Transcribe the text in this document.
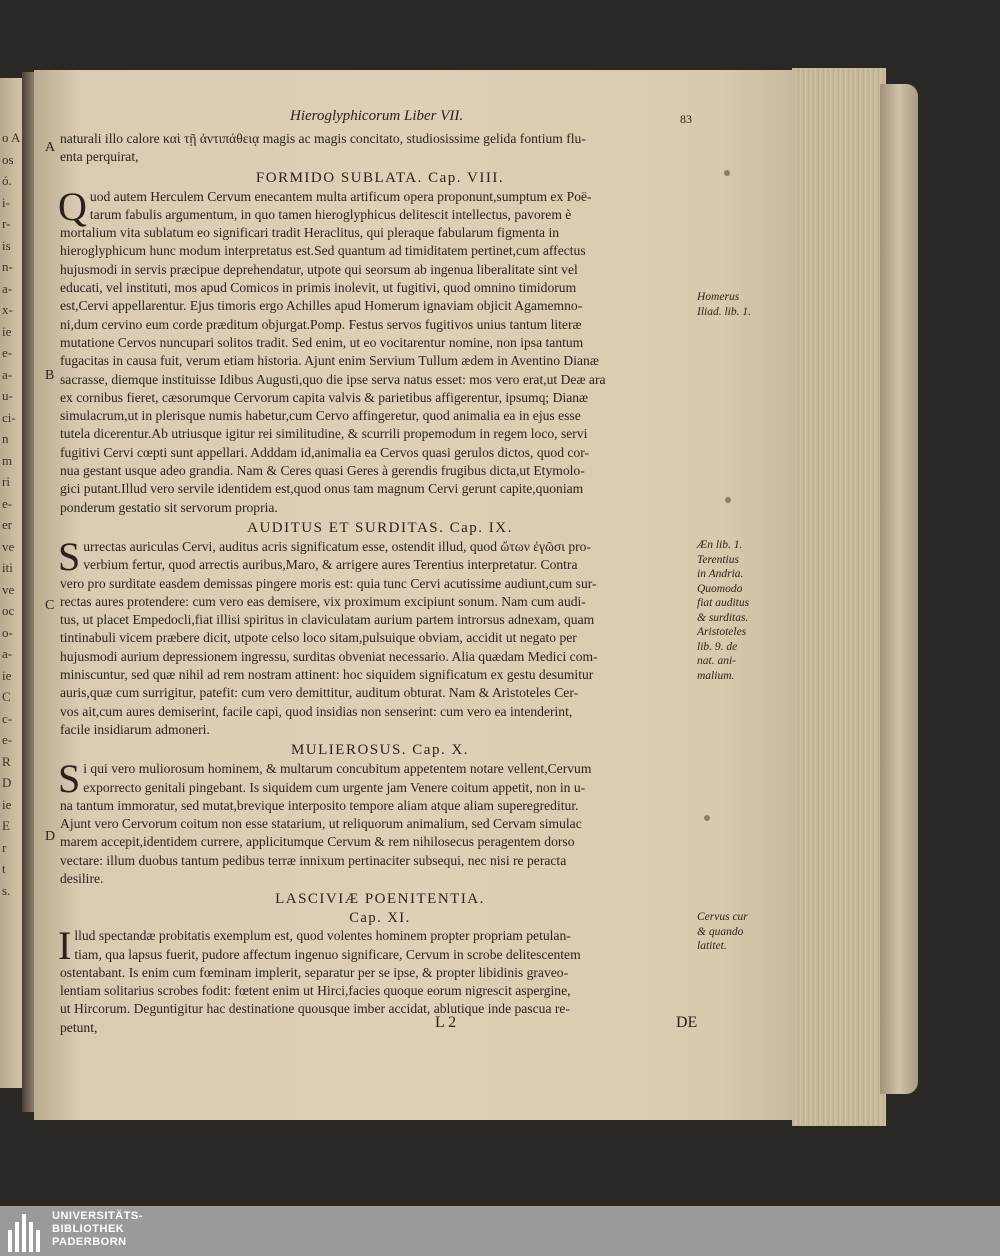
o A
os
ó.
i-
r-
is
n-
a-
x-
ie
e-
a-
u-
ci-
n
m
ri
e-
er
ve
iti
ve
oc
o-
a-
ie
C
c-
e-
R
D
ie
E
r
t
s.
Hieroglyphicorum Liber VII.	83
A
B
C
D
Homerus
Iliad. lib. 1.
Æn lib. 1.
Terentius
in Andria.
Quomodo
fiat auditus
& surditas.
Aristoteles
lib. 9. de
nat. ani-
malium.
Cervus cur
& quando
latitet.
naturali illo calore καὶ τῇ ἀντιπάθειᾳ magis ac magis concitato, studiosissime gelida fontium flu-
enta perquirat,
FORMIDO SUBLATA. Cap. VIII.
Q uod autem Herculem Cervum enecantem multa artificum opera proponunt,sumptum ex Poë-
tarum fabulis argumentum, in quo tamen hieroglyphicus delitescit intellectus, pavorem è
mortalium vita sublatum eo significari tradit Heraclitus, qui pleraque fabularum figmenta in
hieroglyphicum hunc modum interpretatus est.Sed quantum ad timiditatem pertinet,cum affectus
hujusmodi in servis præcipue deprehendatur, utpote qui seorsum ab ingenua liberalitate sint vel
educati, vel instituti, mos apud Comicos in primis inolevit, ut fugitivi, quod omnino timidorum
est,Cervi appellarentur. Ejus timoris ergo Achilles apud Homerum ignaviam objicit Agamemno-
ni,dum cervino eum corde præditum objurgat.Pomp. Festus servos fugitivos unius tantum literæ
mutatione Cervos nuncupari solitos tradit. Sed enim, ut eo vocitarentur nomine, non ipsa tantum
fugacitas in causa fuit, verum etiam historia. Ajunt enim Servium Tullum ædem in Aventino Dianæ
sacrasse, diemque instituisse Idibus Augusti,quo die ipse serva natus esset: mos vero erat,ut Deæ ara
ex cornibus fieret, cæsorumque Cervorum capita valvis & parietibus affigerentur, ipsumq; Dianæ
simulacrum,ut in plerisque numis habetur,cum Cervo affingeretur, quod animalia ea in ejus esse
tutela dicerentur.Ab utriusque igitur rei similitudine, & scurrili propemodum in regem loco, servi
fugitivi Cervi cœpti sunt appellari. Adddam id,animalia ea Cervos quasi gerulos dictos, quod cor-
nua gestant usque adeo grandia. Nam & Ceres quasi Geres à gerendis frugibus dicta,ut Etymolo-
gici putant.Illud vero servile identidem est,quod onus tam magnum Cervi gerunt capite,quoniam
ponderum gestatio sit servorum propria.
AUDITUS ET SURDITAS. Cap. IX.
S urrectas auriculas Cervi, auditus acris significatum esse, ostendit illud, quod ὤτων ἐγῶσι pro-
verbium fertur, quod arrectis auribus,Maro, & arrigere aures Terentius interpretatur. Contra
vero pro surditate easdem demissas pingere moris est: quia tunc Cervi acutissime audiunt,cum sur-
rectas aures protendere: cum vero eas demisere, vix proximum excipiunt sonum. Nam cum audi-
tus, ut placet Empedocli,fiat illisi spiritus in claviculatam aurium partem introrsus adnexam, quam
tintinabuli vicem præbere dicit, utpote celso loco sitam,pulsuique obviam, accidit ut negato per
hujusmodi aurium depressionem ingressu, surditas obveniat necessario. Alia quædam Medici com-
miniscuntur, sed quæ nihil ad rem nostram attinent: hoc siquidem significatum ex gestu desumitur
auris,quæ cum surrigitur, patefit: cum vero demittitur, auditum obturat. Nam & Aristoteles Cer-
vos ait,cum aures demiserint, facile capi, quod insidias non senserint: cum vero ea intenderint,
facile insidiarum admoneri.
MULIEROSUS. Cap. X.
S i qui vero muliorosum hominem, & multarum concubitum appetentem notare vellent,Cervum
exporrecto genitali pingebant. Is siquidem cum urgente jam Venere coitum appetit, non in u-
na tantum immoratur, sed mutat,brevique interposito tempore aliam atque aliam superegreditur.
Ajunt vero Cervorum coitum non esse statarium, ut reliquorum animalium, sed Cervam simulac
marem accepit,identidem currere, applicitumque Cervum & rem nihilosecus peragentem dorso
vectare: illum duobus tantum pedibus terræ innixum pertinaciter subsequi, nec nisi re peracta
desilire.
LASCIVIÆ POENITENTIA.
Cap. XI.
I llud spectandæ probitatis exemplum est, quod volentes hominem propter propriam petulan-
tiam, qua lapsus fuerit, pudore affectum ingenuo significare, Cervum in scrobe delitescentem
ostentabant. Is enim cum fœminam implerit, separatur per se ipse, & propter libidinis graveo-
lentiam solitarius scrobes fodit: fœtent enim ut Hirci,facies quoque eorum nigrescit aspergine,
ut Hircorum. Deguntigitur hac destinatione quousque imber accidat, ablutique inde pascua re-
petunt,	L 2	DE
UNIVERSITÄTS-
BIBLIOTHEK
PADERBORN
